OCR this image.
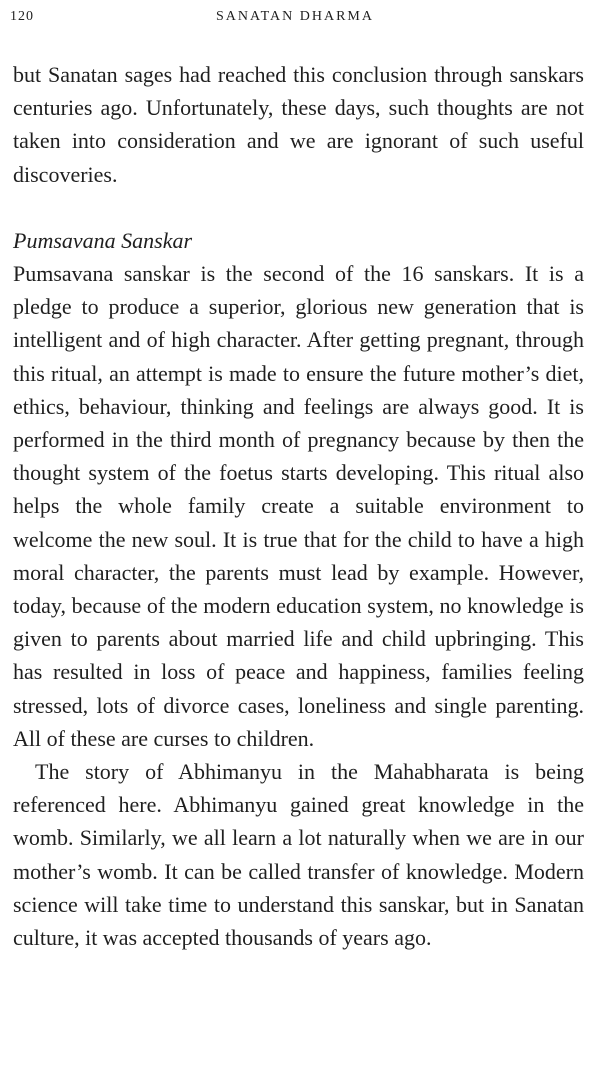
120	SANATAN DHARMA

but Sanatan sages had reached this conclusion through sanskars centuries ago. Unfortunately, these days, such thoughts are not taken into consideration and we are ignorant of such useful discoveries.

Pumsavana Sanskar

Pumsavana sanskar is the second of the 16 sanskars. It is a pledge to produce a superior, glorious new generation that is intelligent and of high character. After getting pregnant, through this ritual, an attempt is made to ensure the future mother’s diet, ethics, behaviour, thinking and feelings are always good. It is performed in the third month of pregnancy because by then the thought system of the foetus starts developing. This ritual also helps the whole family create a suitable environment to welcome the new soul. It is true that for the child to have a high moral character, the parents must lead by example. However, today, because of the modern education system, no knowledge is given to parents about married life and child upbringing. This has resulted in loss of peace and happiness, families feeling stressed, lots of divorce cases, loneliness and single parenting. All of these are curses to children.

The story of Abhimanyu in the Mahabharata is being referenced here. Abhimanyu gained great knowledge in the womb. Similarly, we all learn a lot naturally when we are in our mother’s womb. It can be called transfer of knowledge. Modern science will take time to understand this sanskar, but in Sanatan culture, it was accepted thousands of years ago.
